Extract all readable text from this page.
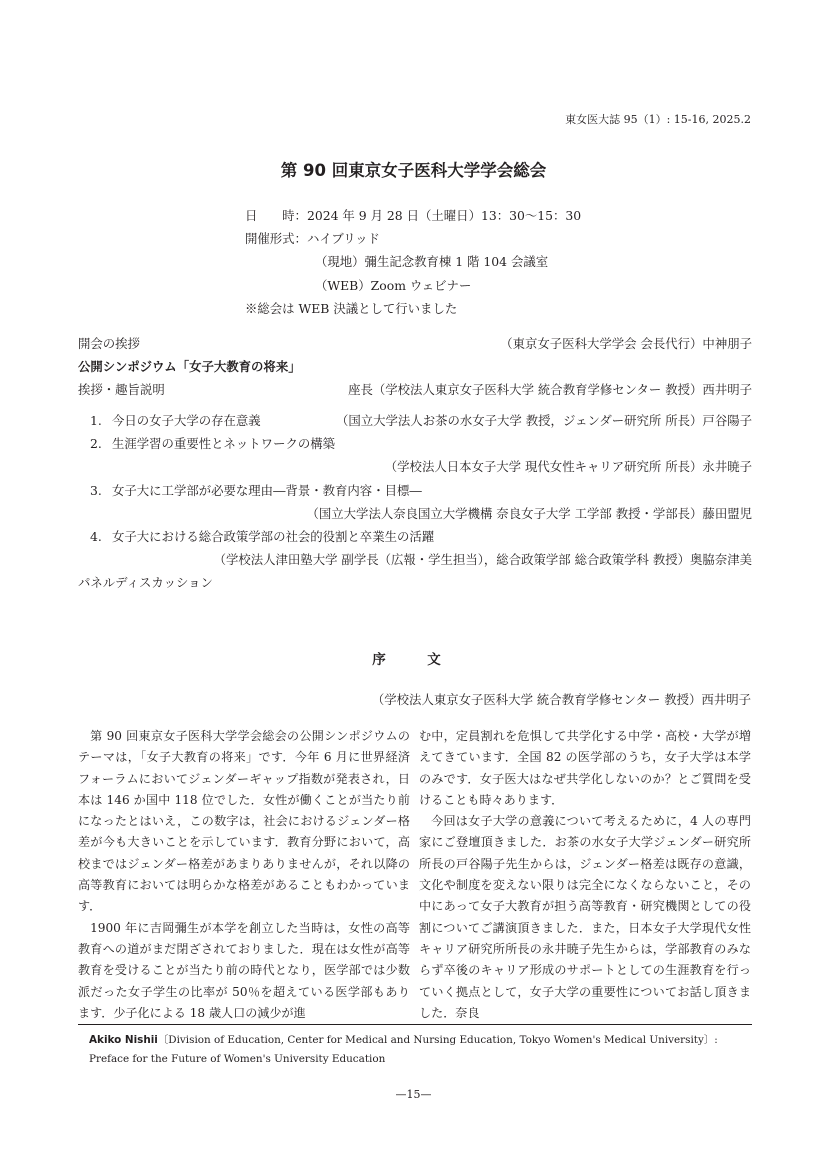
東女医大誌 95（1）: 15-16, 2025.2
第 90 回東京女子医科大学学会総会
日　　時：2024 年 9 月 28 日（土曜日）13：30〜15：30
開催形式：ハイブリッド
（現地）彌生記念教育棟 1 階 104 会議室
（WEB）Zoom ウェビナー
※総会は WEB 決議として行いました
開会の挨拶	（東京女子医科大学学会 会長代行）中神朋子
公開シンポジウム「女子大教育の将来」
挨拶・趣旨説明	座長（学校法人東京女子医科大学 統合教育学修センター 教授）西井明子
1. 今日の女子大学の存在意義	（国立大学法人お茶の水女子大学 教授，ジェンダー研究所 所長）戸谷陽子
2. 生涯学習の重要性とネットワークの構築
（学校法人日本女子大学 現代女性キャリア研究所 所長）永井暁子
3. 女子大に工学部が必要な理由―背景・教育内容・目標―
（国立大学法人奈良国立大学機構 奈良女子大学 工学部 教授・学部長）藤田盟児
4. 女子大における総合政策学部の社会的役割と卒業生の活躍
（学校法人津田塾大学 副学長（広報・学生担当），総合政策学部 総合政策学科 教授）奥脇奈津美
パネルディスカッション
序　文
（学校法人東京女子医科大学 統合教育学修センター 教授）西井明子

第 90 回東京女子医科大学学会総会の公開シンポジウムのテーマは，「女子大教育の将来」です．今年 6 月に世界経済フォーラムにおいてジェンダーギャップ指数が発表され，日本は 146 か国中 118 位でした．女性が働くことが当たり前になったとはいえ，この数字は，社会におけるジェンダー格差が今も大きいことを示しています．教育分野において，高校まではジェンダー格差があまりありませんが，それ以降の高等教育においては明らかな格差があることもわかっています．

1900 年に吉岡彌生が本学を創立した当時は，女性の高等教育への道がまだ閉ざされておりました．現在は女性が高等教育を受けることが当たり前の時代となり，医学部では少数派だった女子学生の比率が 50％を超えている医学部もあります．少子化による 18 歳人口の減少が進

む中，定員割れを危惧して共学化する中学・高校・大学が増えてきています．全国 82 の医学部のうち，女子大学は本学のみです．女子医大はなぜ共学化しないのか？とご質問を受けることも時々あります．

今回は女子大学の意義について考えるために，4 人の専門家にご登壇頂きました．お茶の水女子大学ジェンダー研究所所長の戸谷陽子先生からは，ジェンダー格差は既存の意識，文化や制度を変えない限りは完全になくならないこと，その中にあって女子大教育が担う高等教育・研究機関としての役割についてご講演頂きました．また，日本女子大学現代女性キャリア研究所所長の永井暁子先生からは，学部教育のみならず卒後のキャリア形成のサポートとしての生涯教育を行っていく拠点として，女子大学の重要性についてお話し頂きました．奈良

Akiko Nishii〔Division of Education, Center for Medical and Nursing Education, Tokyo Women's Medical University〕: Preface for the Future of Women's University Education
—15—
